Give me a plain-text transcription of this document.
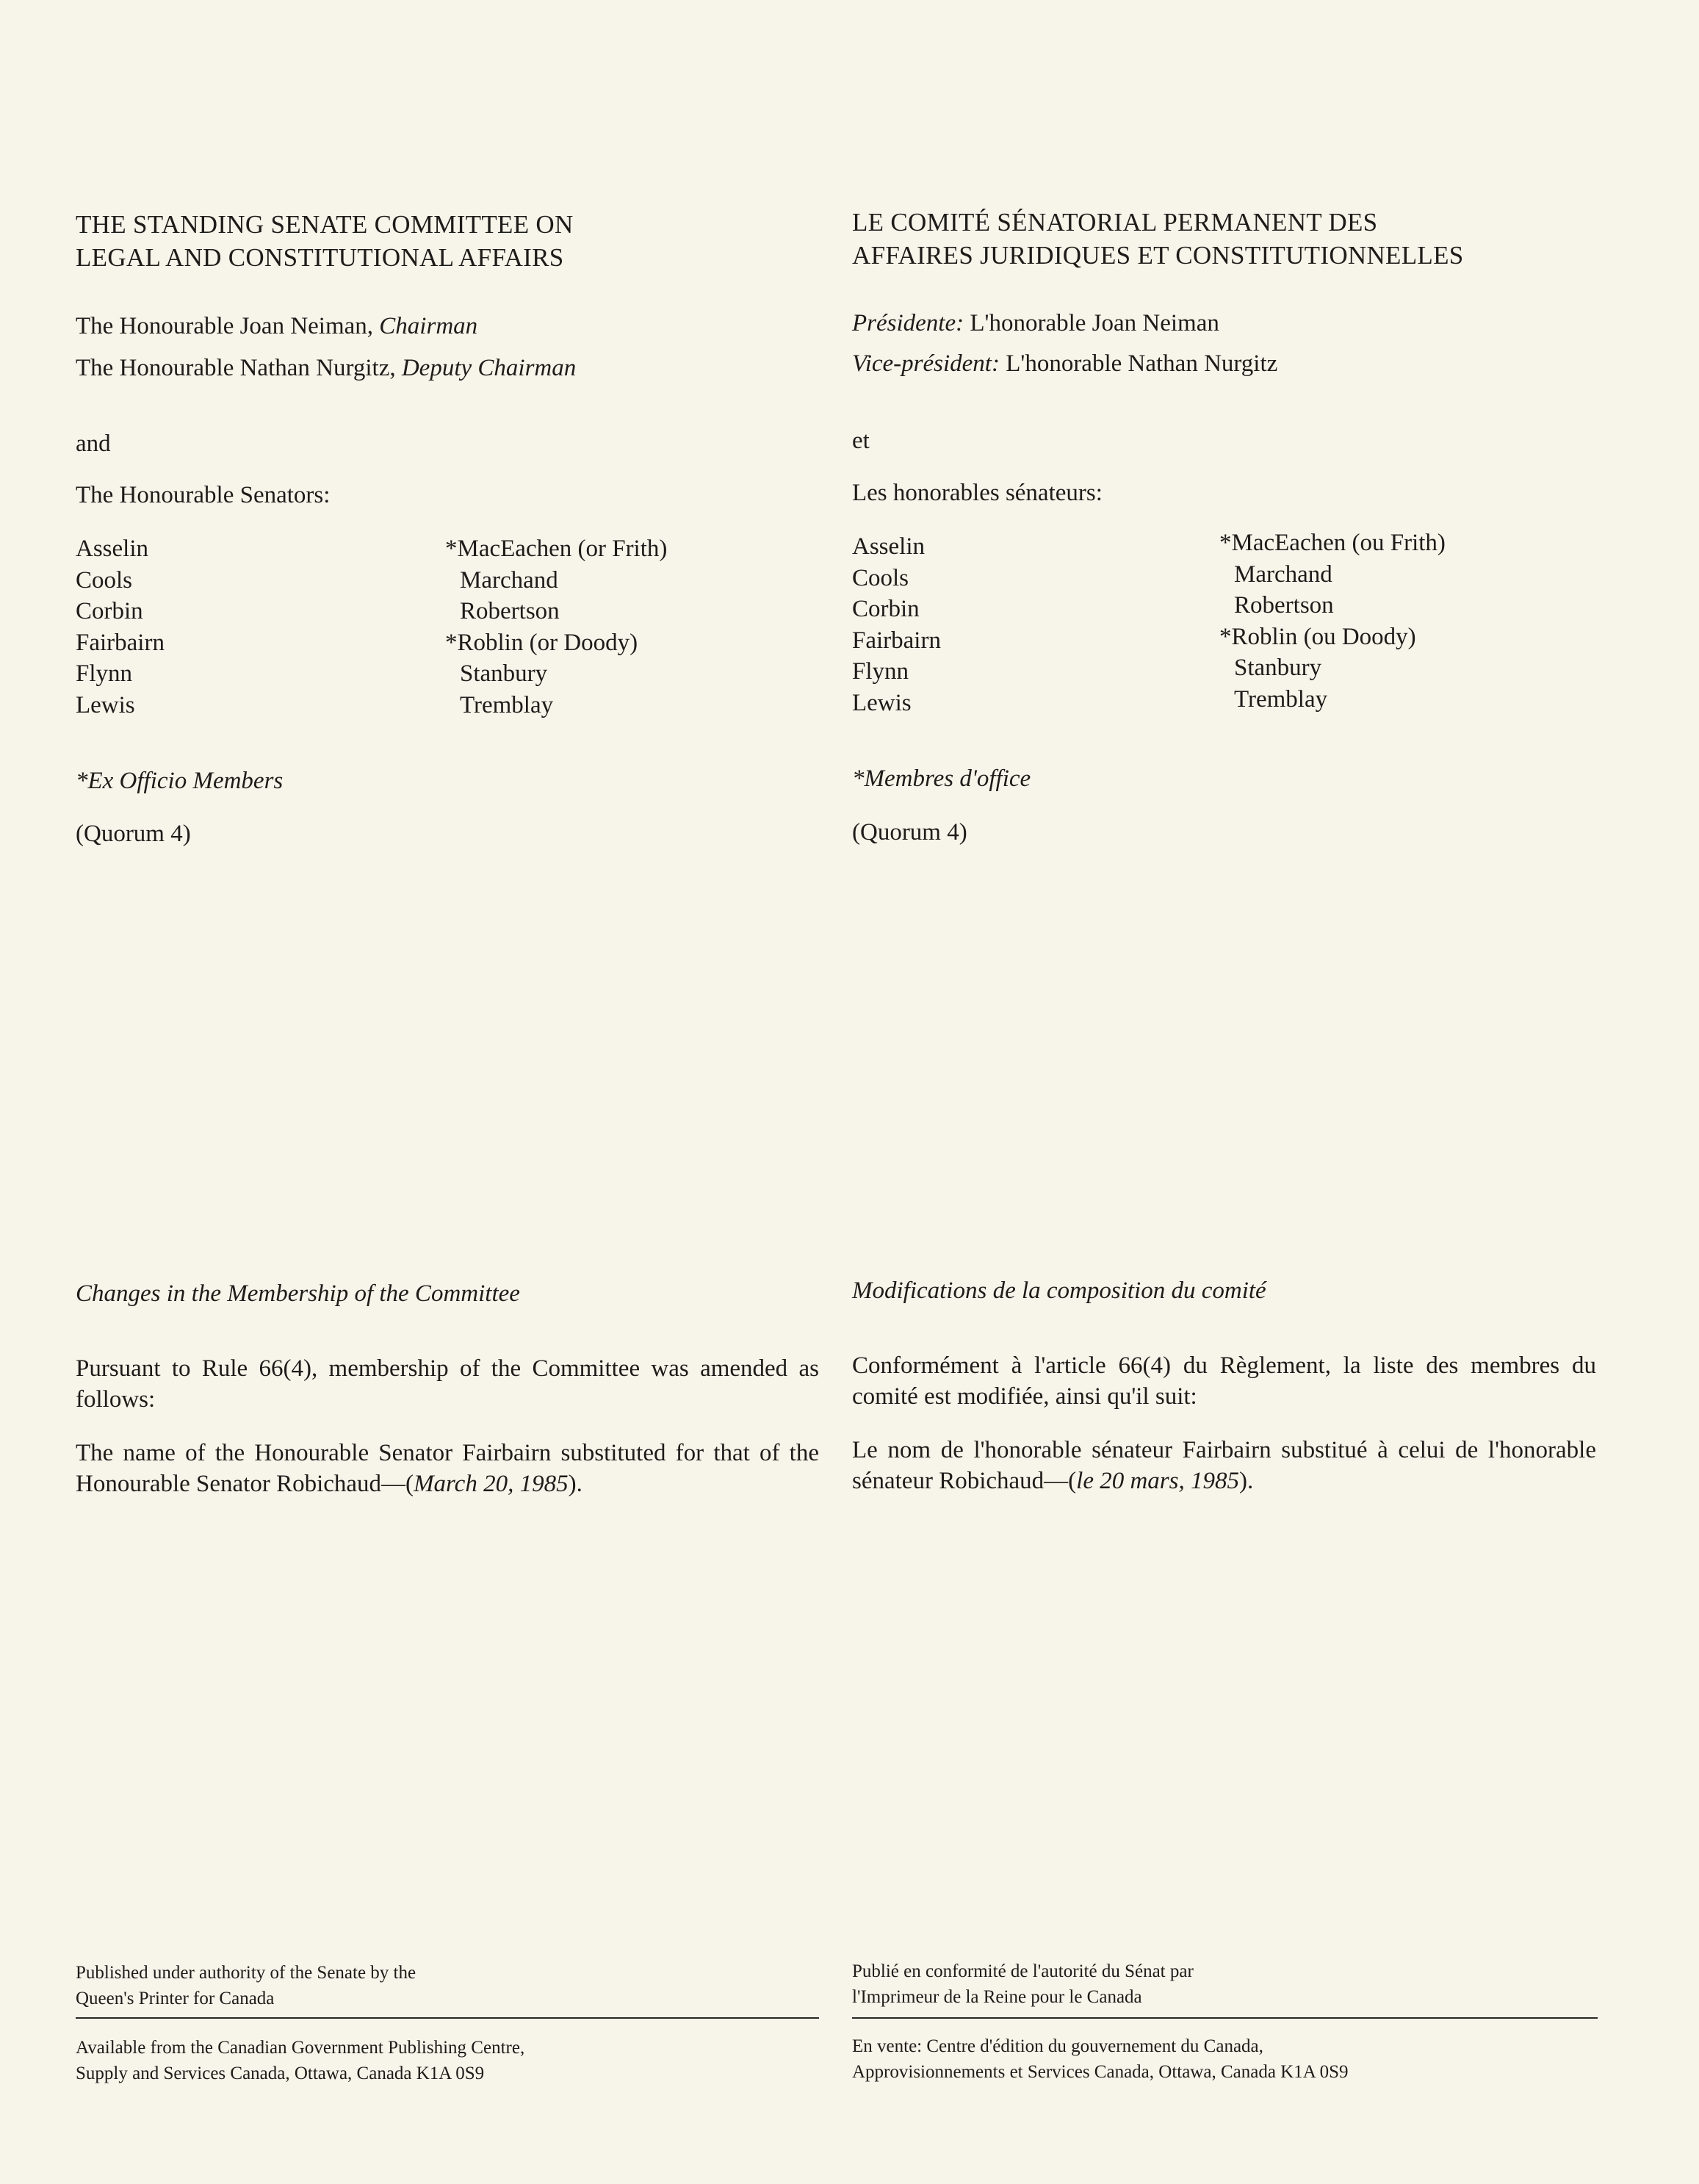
THE STANDING SENATE COMMITTEE ON
LEGAL AND CONSTITUTIONAL AFFAIRS
The Honourable Joan Neiman, Chairman
The Honourable Nathan Nurgitz, Deputy Chairman
and
The Honourable Senators:
Asselin
Cools
Corbin
Fairbairn
Flynn
Lewis
*MacEachen (or Frith)
Marchand
Robertson
*Roblin (or Doody)
Stanbury
Tremblay
*Ex Officio Members
(Quorum 4)
Changes in the Membership of the Committee
Pursuant to Rule 66(4), membership of the Committee was amended as follows:
The name of the Honourable Senator Fairbairn substituted for that of the Honourable Senator Robichaud—(March 20, 1985).
Published under authority of the Senate by the
Queen's Printer for Canada
Available from the Canadian Government Publishing Centre,
Supply and Services Canada, Ottawa, Canada K1A 0S9
LE COMITÉ SÉNATORIAL PERMANENT DES
AFFAIRES JURIDIQUES ET CONSTITUTIONNELLES
Présidente: L'honorable Joan Neiman
Vice-président: L'honorable Nathan Nurgitz
et
Les honorables sénateurs:
Asselin
Cools
Corbin
Fairbairn
Flynn
Lewis
*MacEachen (ou Frith)
Marchand
Robertson
*Roblin (ou Doody)
Stanbury
Tremblay
*Membres d'office
(Quorum 4)
Modifications de la composition du comité
Conformément à l'article 66(4) du Règlement, la liste des membres du comité est modifiée, ainsi qu'il suit:
Le nom de l'honorable sénateur Fairbairn substitué à celui de l'honorable sénateur Robichaud—(le 20 mars, 1985).
Publié en conformité de l'autorité du Sénat par
l'Imprimeur de la Reine pour le Canada
En vente: Centre d'édition du gouvernement du Canada,
Approvisionnements et Services Canada, Ottawa, Canada K1A 0S9
